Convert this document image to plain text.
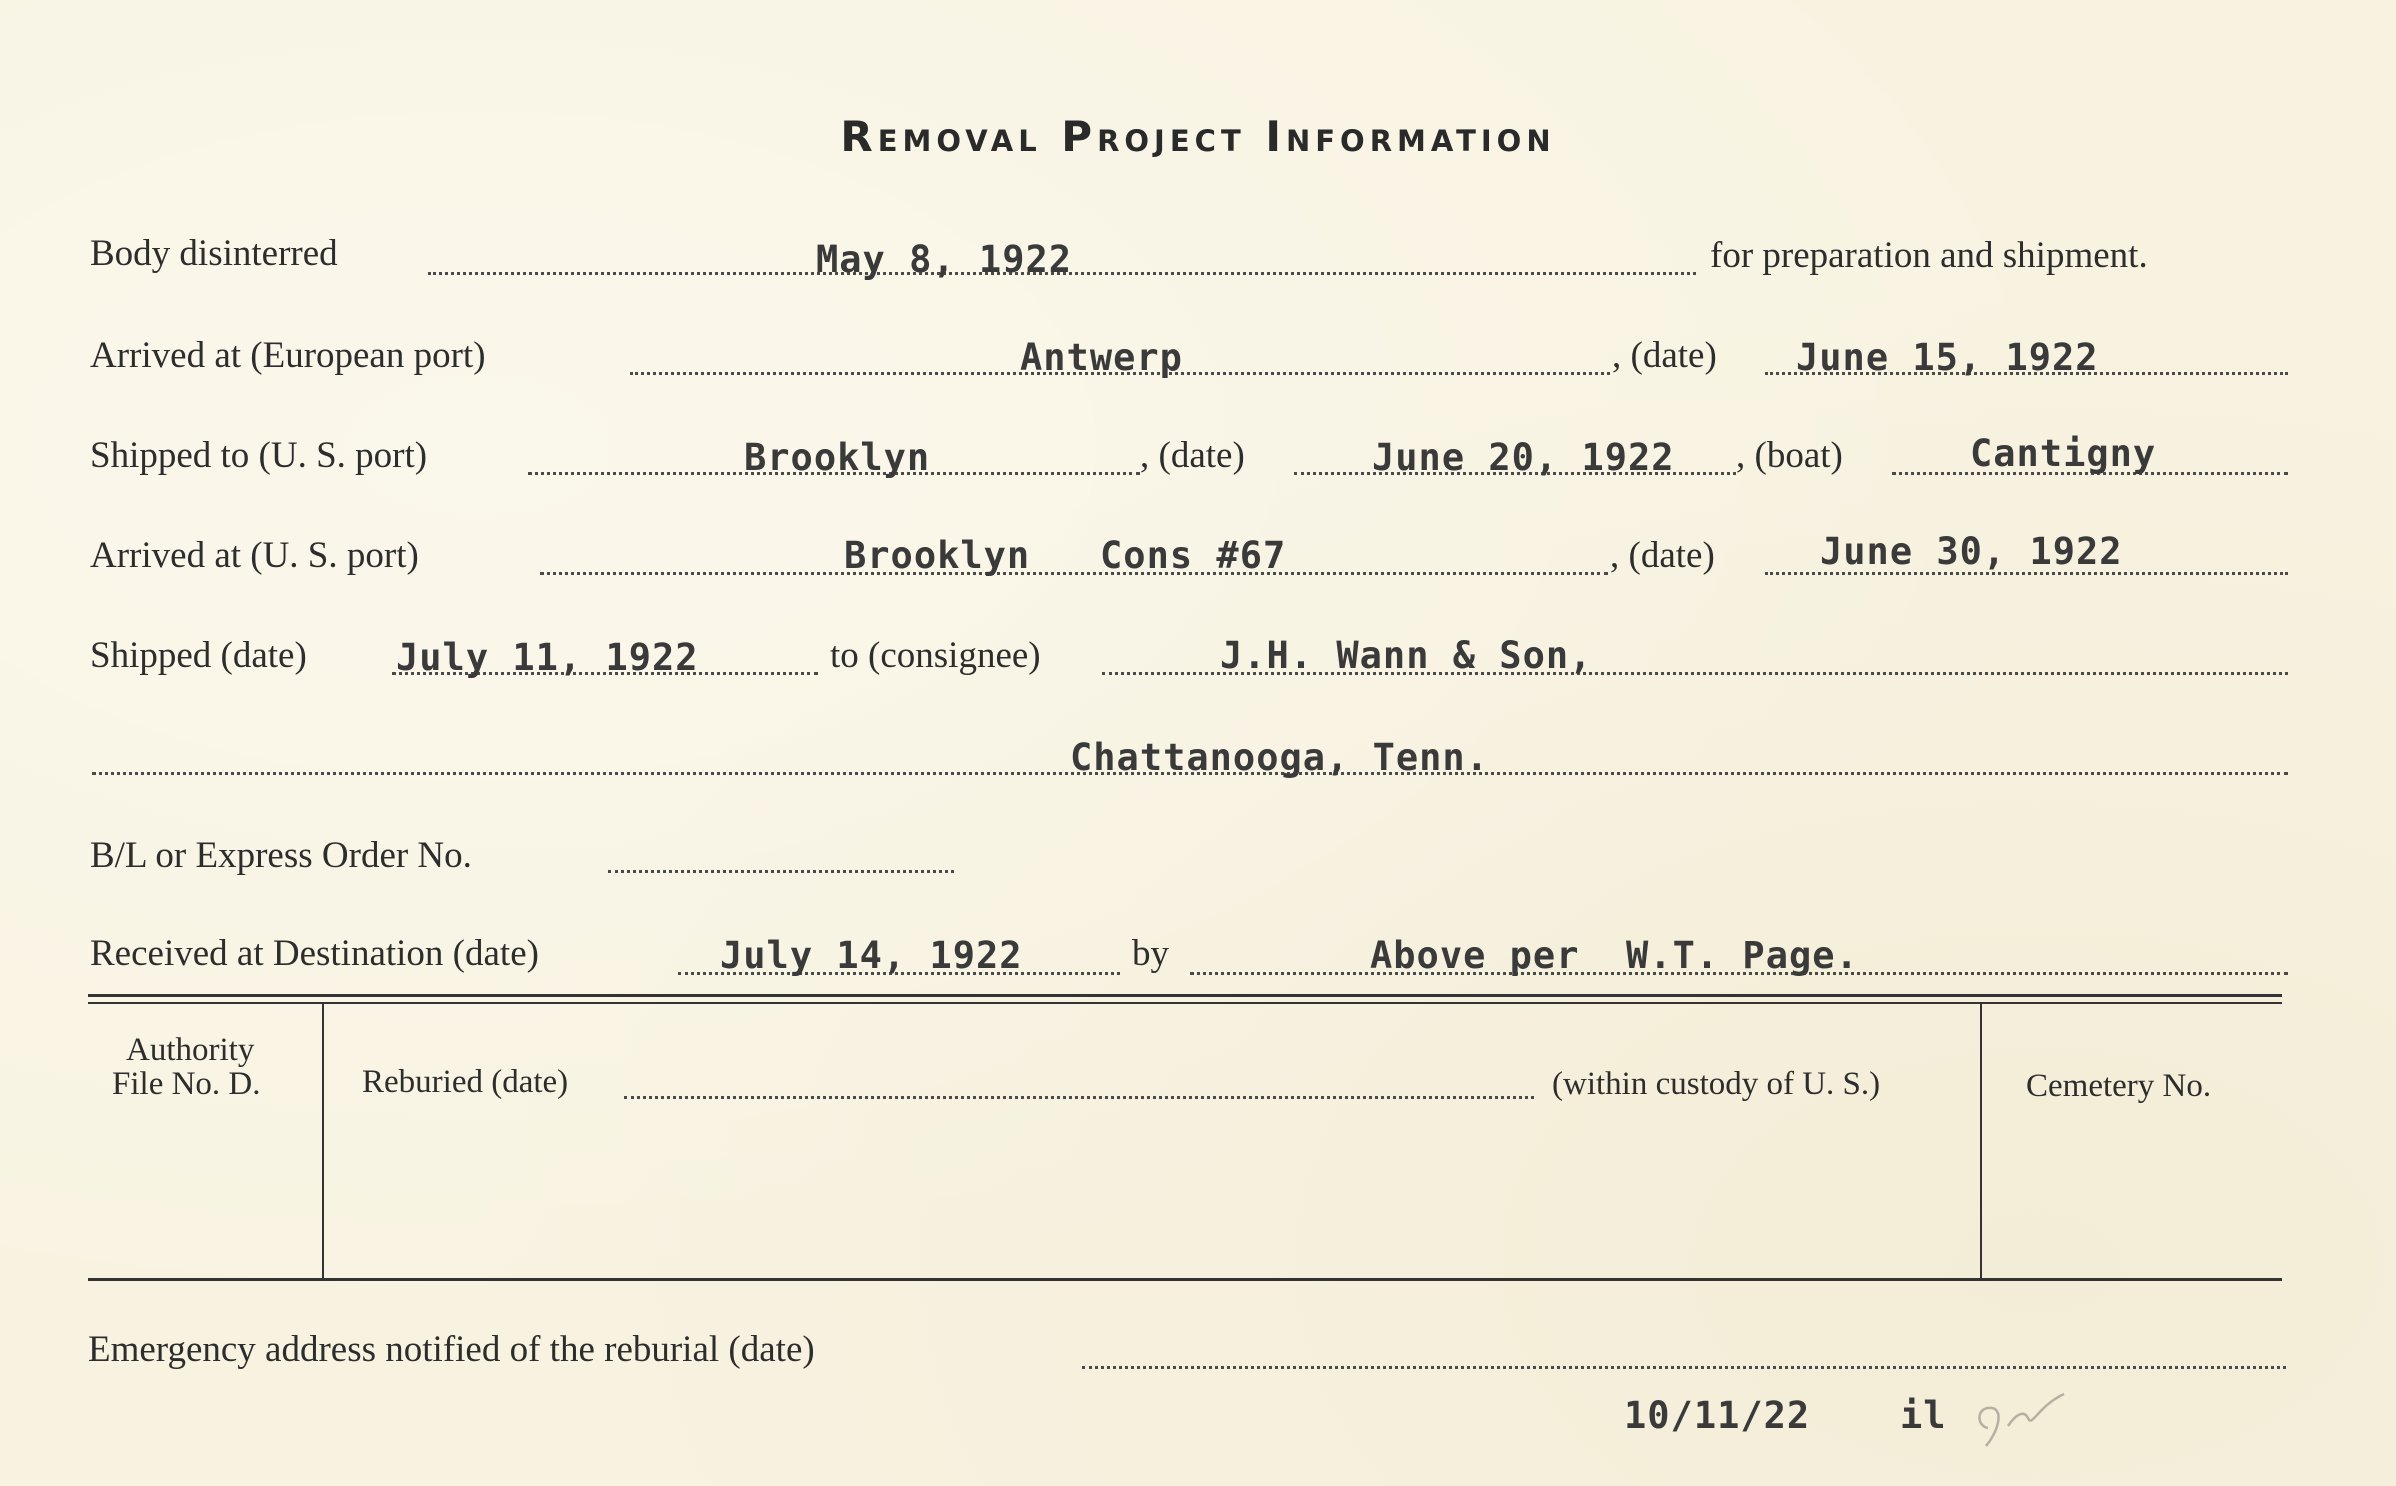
Removal Project Information
Body disinterred	May 8, 1922	for preparation and shipment.
Arrived at (European port)	Antwerp	, (date) June 15, 1922
Shipped to (U. S. port)	Brooklyn	, (date)	June 20, 1922 , (boat)	Cantigny
Arrived at (U. S. port)	Brooklyn   Cons #67	, (date)	June 30, 1922
Shipped (date) July 11, 1922	to (consignee)	J.H. Wann & Son,
Chattanooga, Tenn.
B/L or Express Order No.
Received at Destination (date)	July 14, 1922	by	Above per  W.T. Page.
Authority
File No. D.	Reburied (date)	(within custody of U. S.)	Cemetery No.
Emergency address notified of the reburial (date)
10/11/22 il
